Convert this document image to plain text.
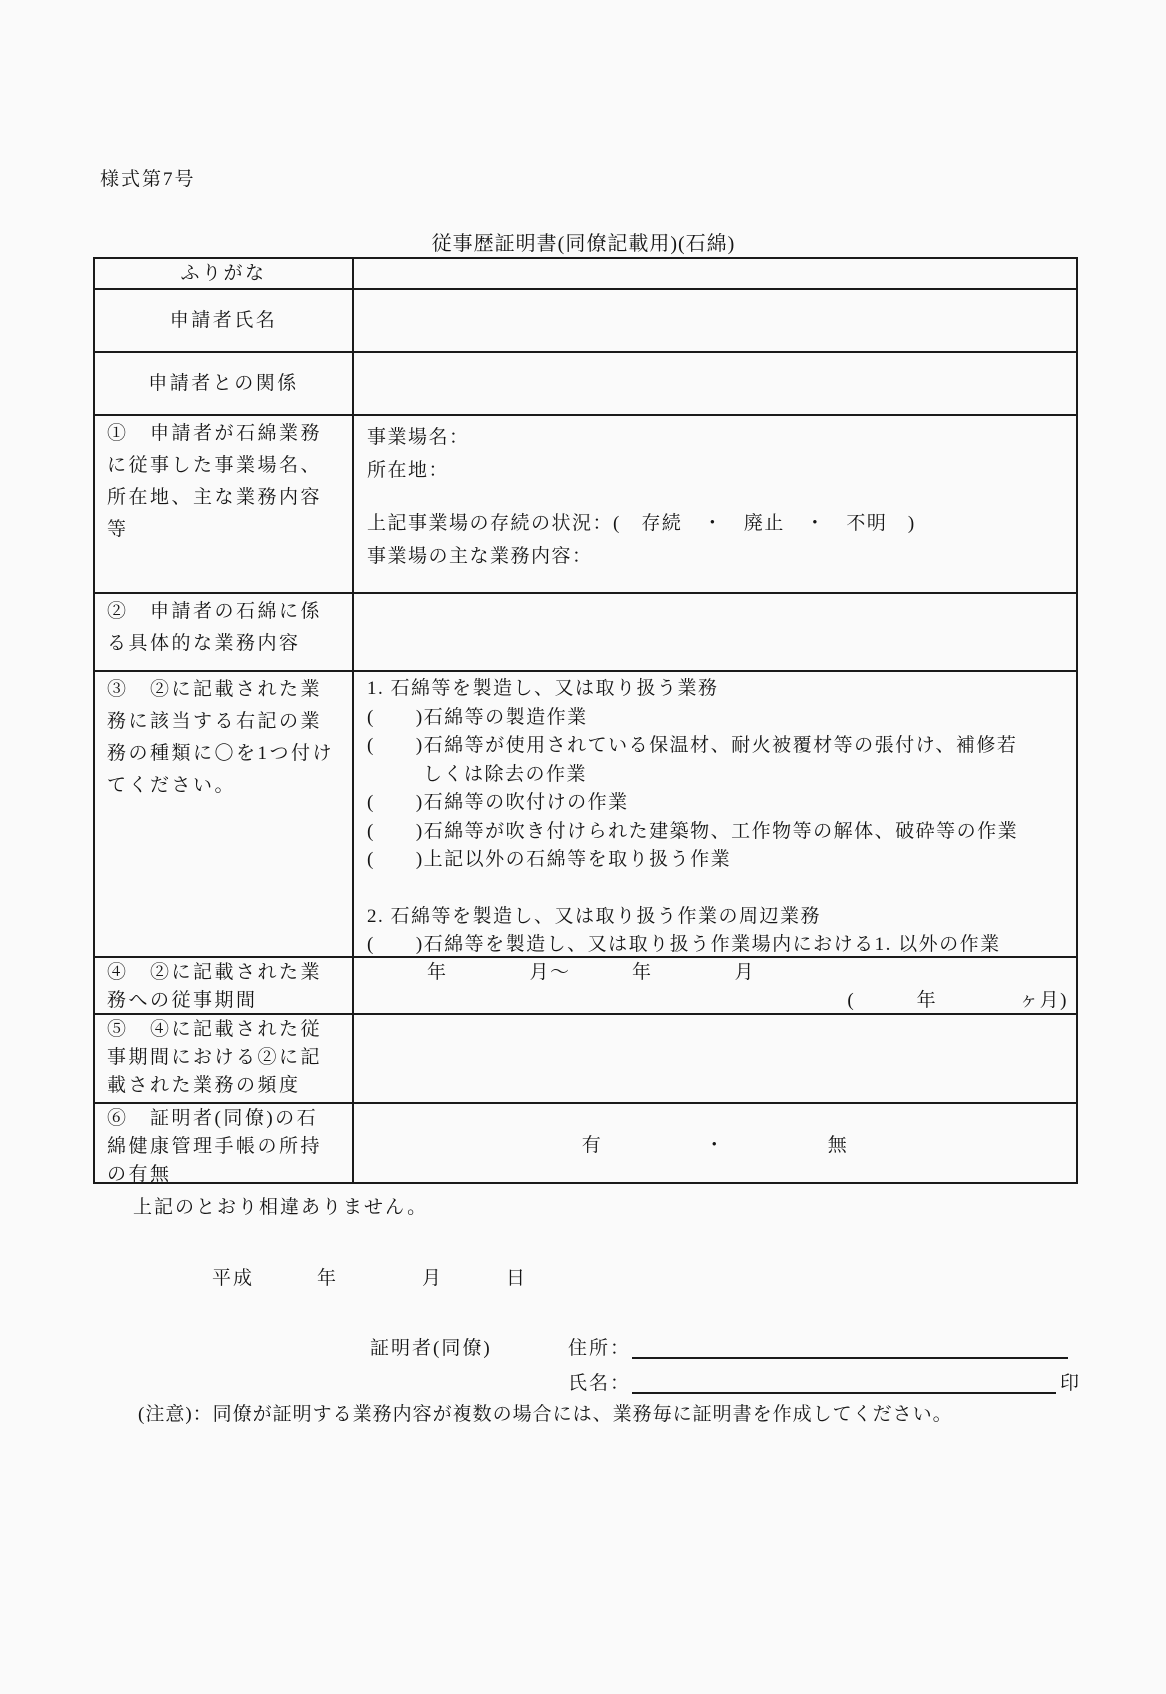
様式第7号
従事歴証明書(同僚記載用)(石綿)
ふりがな
申請者氏名
申請者との関係
①　申請者が石綿業務に従事した事業場名、所在地、主な業務内容等
事業場名：
所在地：
上記事業場の存続の状況：(　存続　・　廃止　・　不明　)
事業場の主な業務内容：
②　申請者の石綿に係る具体的な業務内容
③　②に記載された業務に該当する右記の業務の種類に〇を1つ付けてください。
1. 石綿等を製造し、又は取り扱う業務
(　　)石綿等の製造作業
(　　)石綿等が使用されている保温材、耐火被覆材等の張付け、補修若
しくは除去の作業
(　　)石綿等の吹付けの作業
(　　)石綿等が吹き付けられた建築物、工作物等の解体、破砕等の作業
(　　)上記以外の石綿等を取り扱う作業
2. 石綿等を製造し、又は取り扱う作業の周辺業務
(　　)石綿等を製造し、又は取り扱う作業場内における1. 以外の作業
④　②に記載された業務への従事期間
年　　　　月～　　　年　　　　月
(　　　年　　　　ヶ月)
⑤　④に記載された従事期間における②に記載された業務の頻度
⑥　証明者(同僚)の石綿健康管理手帳の所持の有無
有　　　　　・　　　　　無
上記のとおり相違ありません。
平成　　　年　　　　月　　　日
証明者(同僚)	住所：
氏名：	印
(注意)：同僚が証明する業務内容が複数の場合には、業務毎に証明書を作成してください。
